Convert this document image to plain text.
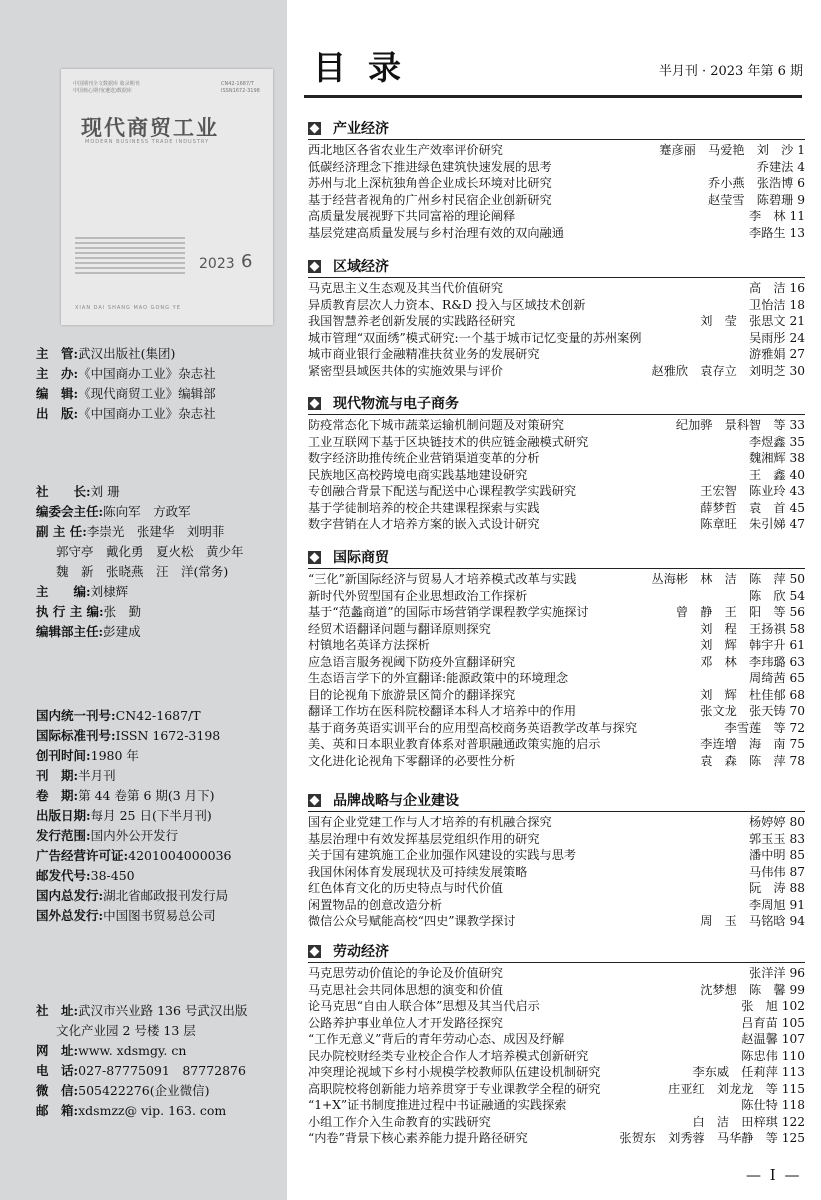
中国期刊全文数据库 收录期刊
中国核心期刊(遴选)数据库
CN42-1687/T
ISSN1672-3198
现代商贸工业
MODERN BUSINESS TRADE INDUSTRY
2023 6
XIAN DAI SHANG MAO GONG YE
主　管:武汉出版社(集团)
主　办:《中国商办工业》杂志社
编　辑:《现代商贸工业》编辑部
出　版:《中国商办工业》杂志社
社　　长:刘 珊
编委会主任:陈向军　方政军
副 主 任:李崇光　张建华　刘明菲
郭守亭　戴化勇　夏火松　黄少年
魏　新　张晓燕　汪　洋(常务)
主　　编:刘棣辉
执 行 主 编:张　勤
编辑部主任:彭建成
国内统一刊号:CN42-1687/T
国际标准刊号:ISSN 1672-3198
创刊时间:1980 年
刊　期:半月刊
卷　期:第 44 卷第 6 期(3 月下)
出版日期:每月 25 日(下半月刊)
发行范围:国内外公开发行
广告经营许可证:4201004000036
邮发代号:38-450
国内总发行:湖北省邮政报刊发行局
国外总发行:中国图书贸易总公司
社　址:武汉市兴业路 136 号武汉出版
文化产业园 2 号楼 13 层
网　址:www. xdsmgy. cn
电　话:027-87775091　87772876
微　信:505422276(企业微信)
邮　箱:xdsmzz@ vip. 163. com
目录	半月刊 · 2023 年第 6 期
产业经济
西北地区各省农业生产效率评价研究	蹇彦丽　马爱艳　刘　沙 1
低碳经济理念下推进绿色建筑快速发展的思考	乔建法 4
苏州与北上深杭独角兽企业成长环境对比研究	乔小燕　张浩博 6
基于经营者视角的广州乡村民宿企业创新研究	赵莹雪　陈碧珊 9
高质量发展视野下共同富裕的理论阐释	李　林 11
基层党建高质量发展与乡村治理有效的双向融通	李路生 13
区域经济
马克思主义生态观及其当代价值研究	高　洁 16
异质教育层次人力资本、R&D 投入与区域技术创新	卫怡洁 18
我国智慧养老创新发展的实践路径研究	刘　莹　张思文 21
城市管理“双面绣”模式研究:一个基于城市记忆变量的苏州案例	吴雨彤 24
城市商业银行金融精准扶贫业务的发展研究	游雅娟 27
紧密型县域医共体的实施效果与评价	赵雅欣　袁存立　刘明芝 30
现代物流与电子商务
防疫常态化下城市蔬菜运输机制问题及对策研究	纪加骅　景科智　等 33
工业互联网下基于区块链技术的供应链金融模式研究	李煜鑫 35
数字经济助推传统企业营销渠道变革的分析	魏湘辉 38
民族地区高校跨境电商实践基地建设研究	王　鑫 40
专创融合背景下配送与配送中心课程教学实践研究	王宏智　陈业玲 43
基于学徒制培养的校企共建课程探索与实践	薛梦哲　袁　首 45
数字营销在人才培养方案的嵌入式设计研究	陈章旺　朱引娣 47
国际商贸
“三化”新国际经济与贸易人才培养模式改革与实践	丛海彬　林　洁　陈　萍 50
新时代外贸型国有企业思想政治工作探析	陈　欣 54
基于“范蠡商道”的国际市场营销学课程教学实施探讨	曾　静　王　阳　等 56
经贸术语翻译问题与翻译原则探究	刘　程　王扬祺 58
村镇地名英译方法探析	刘　辉　韩宇升 61
应急语言服务视阈下防疫外宣翻译研究	邓　林　李玮璐 63
生态语言学下的外宣翻译:能源政策中的环境理念	周绮茜 65
目的论视角下旅游景区简介的翻译探究	刘　辉　杜佳郁 68
翻译工作坊在医科院校翻译本科人才培养中的作用	张文龙　张天铸 70
基于商务英语实训平台的应用型高校商务英语教学改革与探究	李雪莲　等 72
美、英和日本职业教育体系对普职融通政策实施的启示	李连增　海　南 75
文化进化论视角下零翻译的必要性分析	袁　森　陈　萍 78
品牌战略与企业建设
国有企业党建工作与人才培养的有机融合探究	杨婷婷 80
基层治理中有效发挥基层党组织作用的研究	郭玉玉 83
关于国有建筑施工企业加强作风建设的实践与思考	潘中明 85
我国休闲体育发展现状及可持续发展策略	马伟伟 87
红色体育文化的历史特点与时代价值	阮　涛 88
闲置物品的创意改造分析	李周旭 91
微信公众号赋能高校“四史”课教学探讨	周　玉　马铭晗 94
劳动经济
马克思劳动价值论的争论及价值研究	张洋洋 96
马克思社会共同体思想的演变和价值	沈梦想　陈　馨 99
论马克思“自由人联合体”思想及其当代启示	张　旭 102
公路养护事业单位人才开发路径探究	吕育苗 105
“工作无意义”背后的青年劳动心态、成因及纾解	赵温馨 107
民办院校财经类专业校企合作人才培养模式创新研究	陈忠伟 110
冲突理论视域下乡村小规模学校教师队伍建设机制研究	李东威　任莉萍 113
高职院校将创新能力培养贯穿于专业课教学全程的研究	庄亚红　刘龙龙　等 115
“1+X”证书制度推进过程中书证融通的实践探索	陈仕特 118
小组工作介入生命教育的实践研究	白　洁　田梓琪 122
“内卷”背景下核心素养能力提升路径研究	张贺东　刘秀蓉　马华静　等 125
— I —
